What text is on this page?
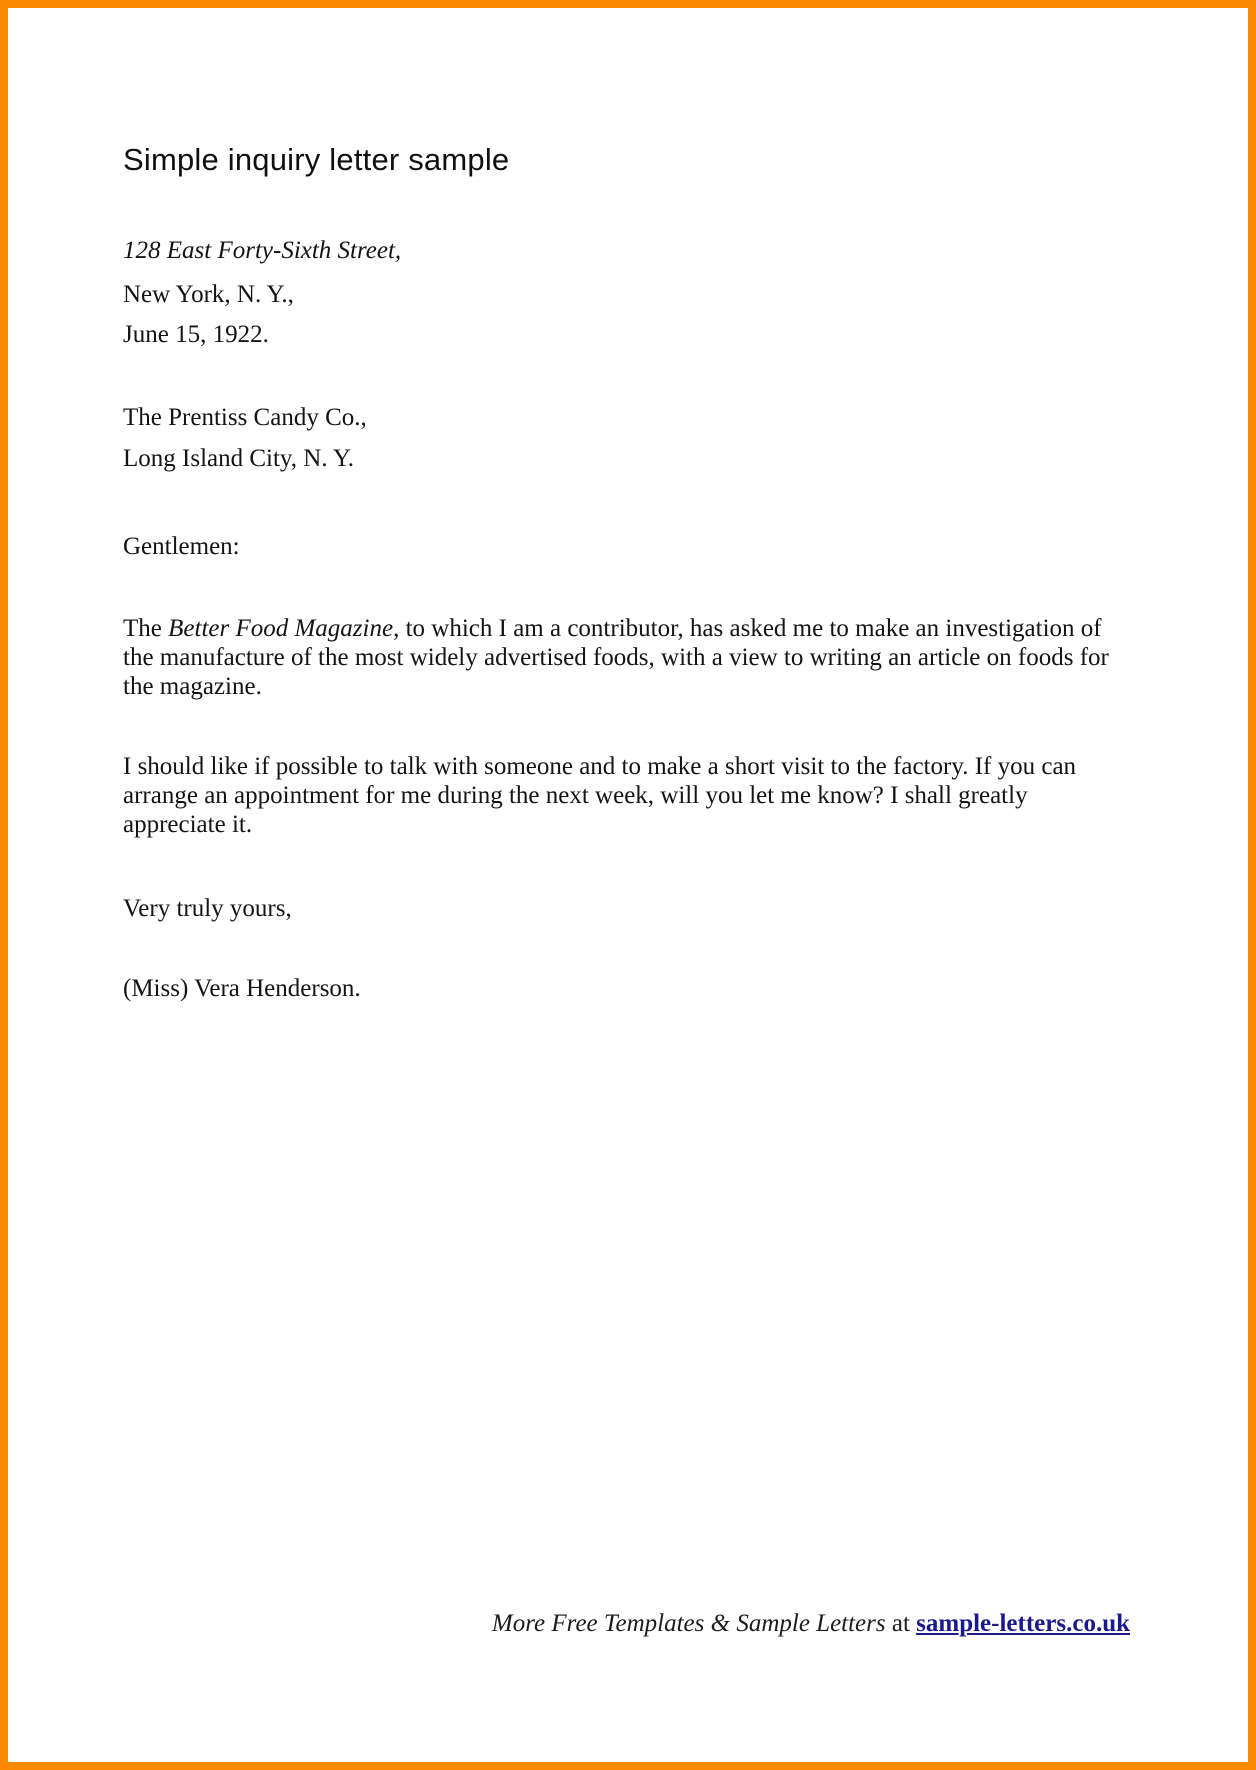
Simple inquiry letter sample

128 East Forty-Sixth Street,

New York, N. Y.,

June 15, 1922.

The Prentiss Candy Co.,

Long Island City, N. Y.

Gentlemen:

The Better Food Magazine, to which I am a contributor, has asked me to make an investigation of
the manufacture of the most widely advertised foods, with a view to writing an article on foods for
the magazine.

I should like if possible to talk with someone and to make a short visit to the factory. If you can
arrange an appointment for me during the next week, will you let me know? I shall greatly
appreciate it.

Very truly yours,

(Miss) Vera Henderson.

More Free Templates & Sample Letters at sample-letters.co.uk
